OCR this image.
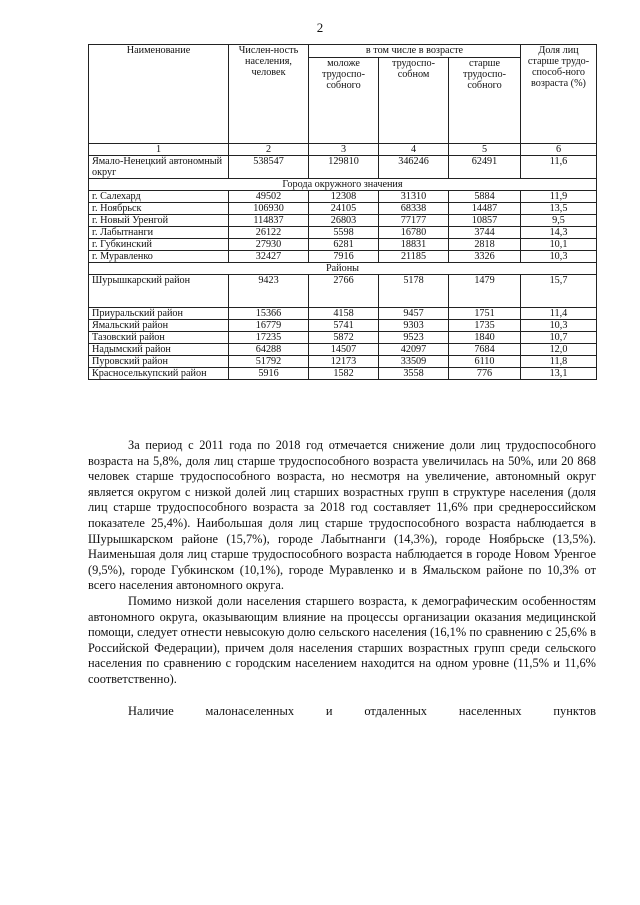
2
Наименование	Числен-ность населения, человек	в том числе в возрасте			Доля лиц старше трудо-способ-ного возраста (%)
		моложе трудоспо-собного	трудоспо-собном	старше трудоспо-собного	
1	2	3	4	5	6
Ямало-Ненецкий автономный округ	538547	129810	346246	62491	11,6
Города окружного значения					
г. Салехард	49502	12308	31310	5884	11,9
г. Ноябрьск	106930	24105	68338	14487	13,5
г. Новый Уренгой	114837	26803	77177	10857	9,5
г. Лабытнанги	26122	5598	16780	3744	14,3
г. Губкинский	27930	6281	18831	2818	10,1
г. Муравленко	32427	7916	21185	3326	10,3
Районы					
Шурышкарский район	9423	2766	5178	1479	15,7
Приуральский район	15366	4158	9457	1751	11,4
Ямальский район	16779	5741	9303	1735	10,3
Тазовский район	17235	5872	9523	1840	10,7
Надымский район	64288	14507	42097	7684	12,0
Пуровский район	51792	12173	33509	6110	11,8
Красноселькупский район	5916	1582	3558	776	13,1

За период с 2011 года по 2018 год отмечается снижение доли лиц трудоспособного возраста на 5,8%, доля лиц старше трудоспособного возраста увеличилась на 50%, или 20 868 человек старше трудоспособного возраста, но несмотря на увеличение, автономный округ является округом с низкой долей лиц старших возрастных групп в структуре населения (доля лиц старше трудоспособного возраста за 2018 год составляет 11,6% при среднероссийском показателе 25,4%). Наибольшая доля лиц старше трудоспособного возраста наблюдается в Шурышкарском районе (15,7%), городе Лабытнанги (14,3%), городе Ноябрьске (13,5%). Наименьшая доля лиц старше трудоспособного возраста наблюдается в городе Новом Уренгое (9,5%), городе Губкинском (10,1%), городе Муравленко и в Ямальском районе по 10,3% от всего населения автономного округа.

Помимо низкой доли населения старшего возраста, к демографическим особенностям автономного округа, оказывающим влияние на процессы организации оказания медицинской помощи, следует отнести невысокую долю сельского населения (16,1% по сравнению с 25,6% в Российской Федерации), причем доля населения старших возрастных групп среди сельского населения по сравнению с городским населением находится на одном уровне (11,5% и 11,6% соответственно).

Наличие малонаселенных и отдаленных населенных пунктов
